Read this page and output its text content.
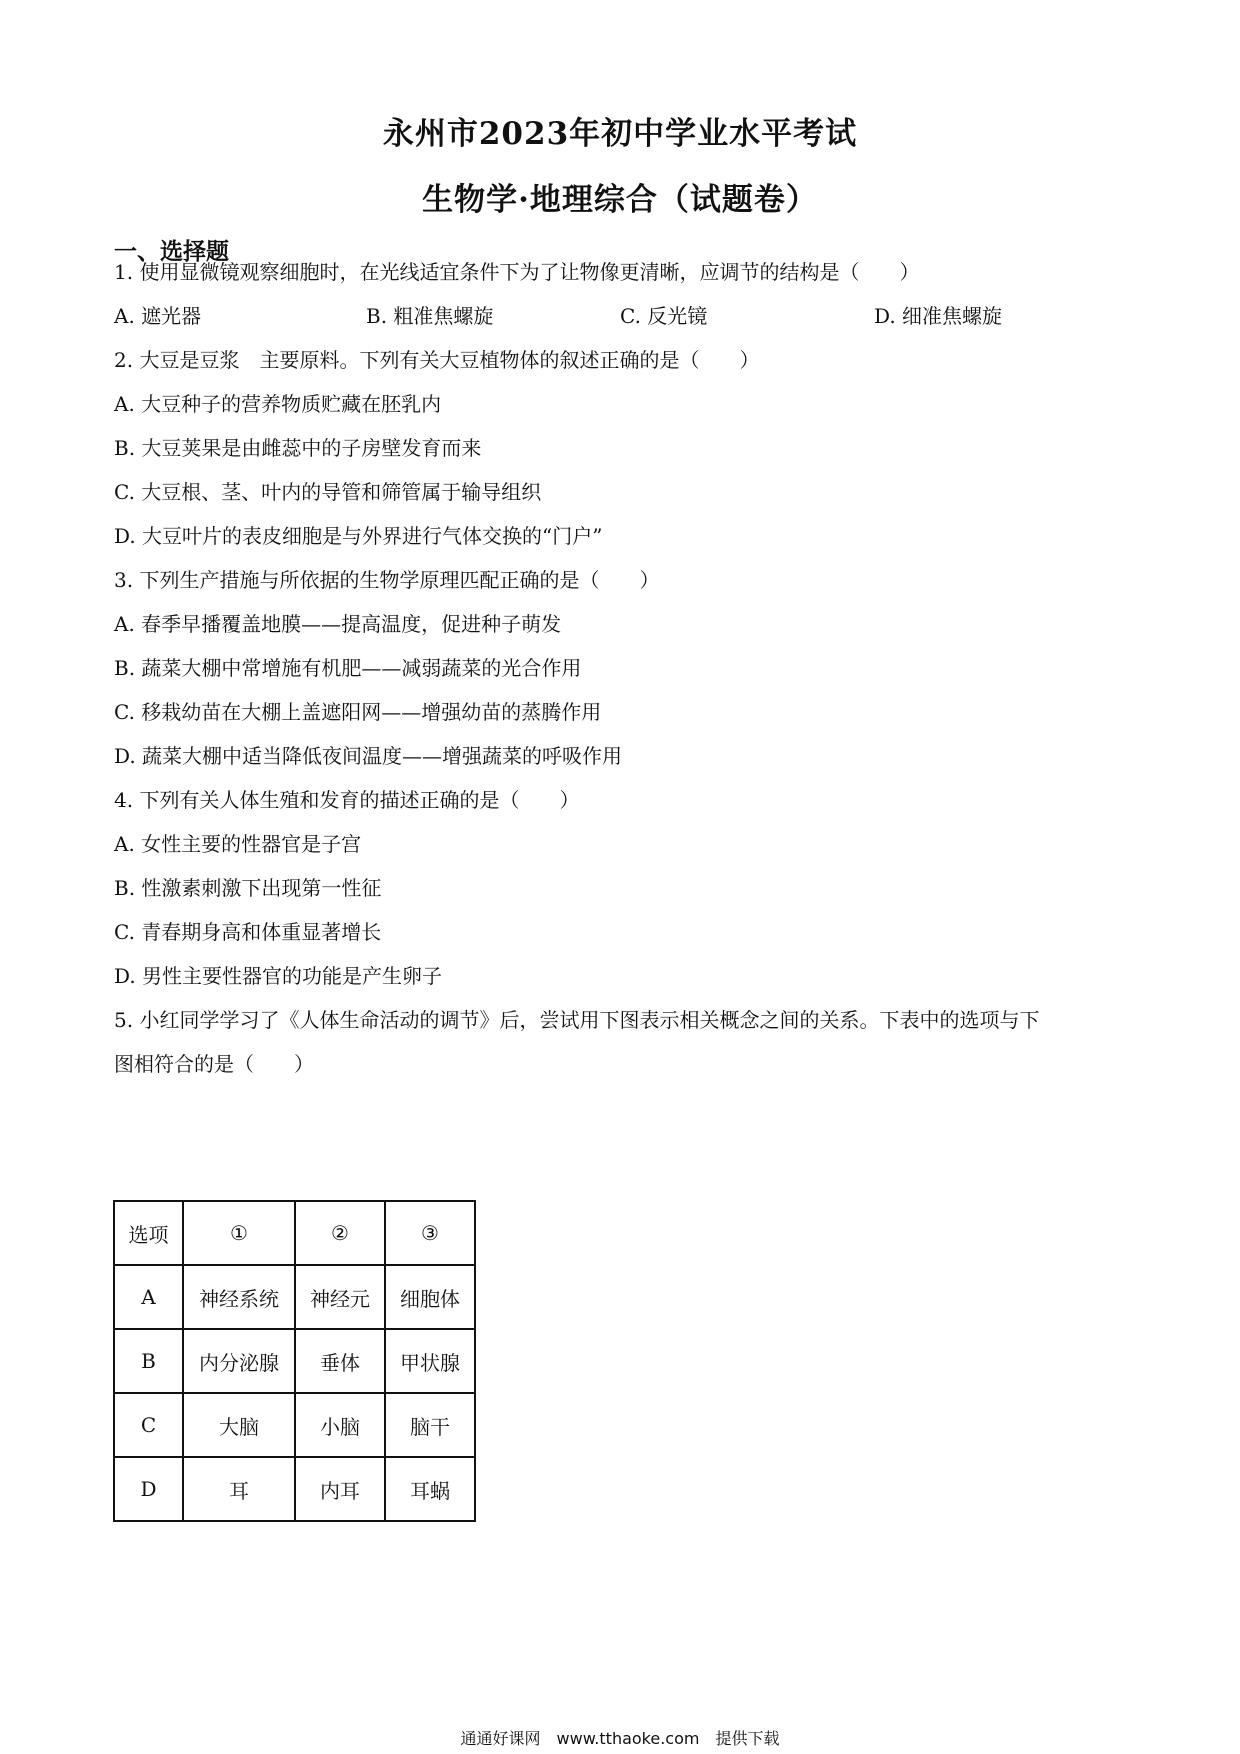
永州市2023年初中学业水平考试
生物学·地理综合（试题卷）
一、选择题
1. 使用显微镜观察细胞时，在光线适宜条件下为了让物像更清晰，应调节的结构是（　　）
A. 遮光器	B. 粗准焦螺旋	C. 反光镜	D. 细准焦螺旋
2. 大豆是豆浆　主要原料。下列有关大豆植物体的叙述正确的是（　　）
A. 大豆种子的营养物质贮藏在胚乳内
B. 大豆荚果是由雌蕊中的子房壁发育而来
C. 大豆根、茎、叶内的导管和筛管属于输导组织
D. 大豆叶片的表皮细胞是与外界进行气体交换的“门户”
3. 下列生产措施与所依据的生物学原理匹配正确的是（　　）
A. 春季早播覆盖地膜——提高温度，促进种子萌发
B. 蔬菜大棚中常增施有机肥——减弱蔬菜的光合作用
C. 移栽幼苗在大棚上盖遮阳网——增强幼苗的蒸腾作用
D. 蔬菜大棚中适当降低夜间温度——增强蔬菜的呼吸作用
4. 下列有关人体生殖和发育的描述正确的是（　　）
A. 女性主要的性器官是子宫
B. 性激素刺激下出现第一性征
C. 青春期身高和体重显著增长
D. 男性主要性器官的功能是产生卵子
5. 小红同学学习了《人体生命活动的调节》后，尝试用下图表示相关概念之间的关系。下表中的选项与下
图相符合的是（　　）
选项	①	②	③
A	神经系统	神经元	细胞体
B	内分泌腺	垂体	甲状腺
C	大脑	小脑	脑干
D	耳	内耳	耳蜗
通通好课网　www.tthaoke.com　提供下载
